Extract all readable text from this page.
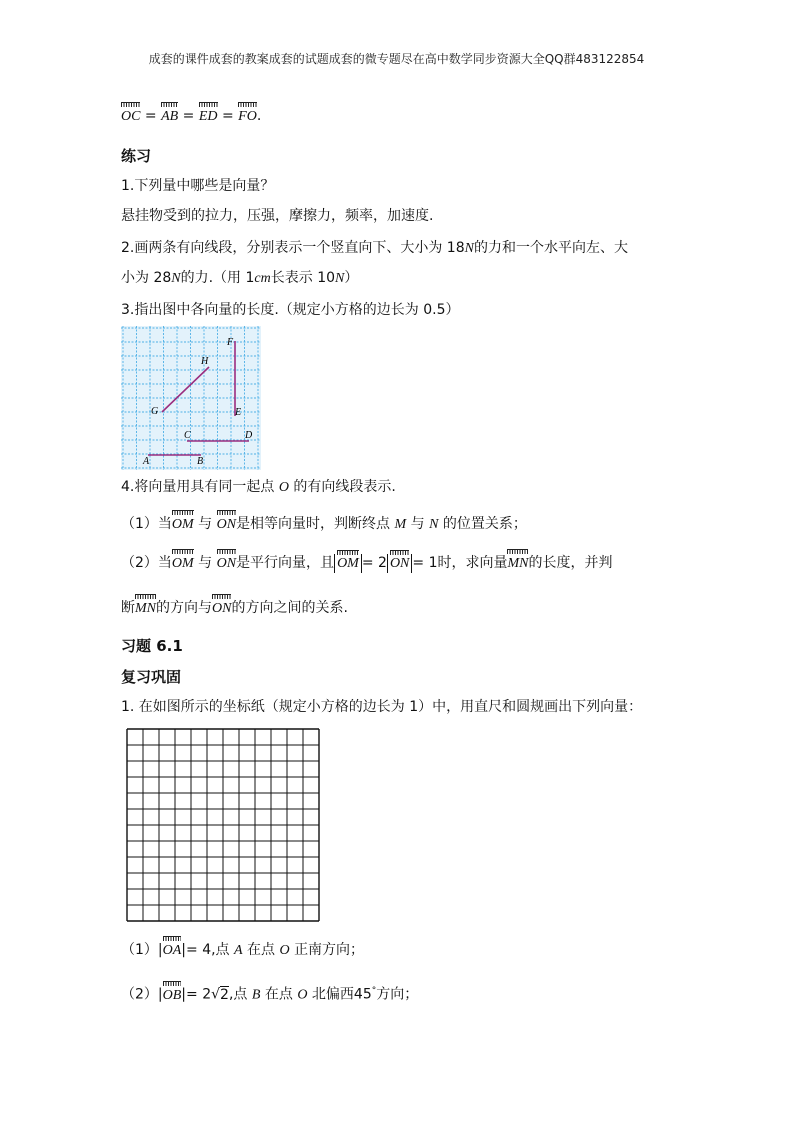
成套的课件成套的教案成套的试题成套的微专题尽在高中数学同步资源大全QQ群483122854
OC = AB = ED = FO.
练习
1.下列量中哪些是向量？
悬挂物受到的拉力，压强，摩擦力，频率，加速度.
2.画两条有向线段，分别表示一个竖直向下、大小为 18N的力和一个水平向左、大
小为 28N的力.（用 1cm长表示 10N）
3.指出图中各向量的长度.（规定小方格的边长为 0.5）
A	B
C	D
E
F
G
H
4.将向量用具有同一起点 O 的有向线段表示.
（1）当OM 与 ON是相等向量时，判断终点 M 与 N 的位置关系；
（2）当OM 与 ON是平行向量，且 OM = 2 ON = 1时，求向量MN的长度，并判
断MN的方向与ON的方向之间的关系.
习题 6.1
复习巩固
1. 在如图所示的坐标纸（规定小方格的边长为 1）中，用直尺和圆规画出下列向量：
（1）|OA|= 4,点 A 在点 O 正南方向；
（2）|OB|= 2√2,点 B 在点 O 北偏西45°方向；
